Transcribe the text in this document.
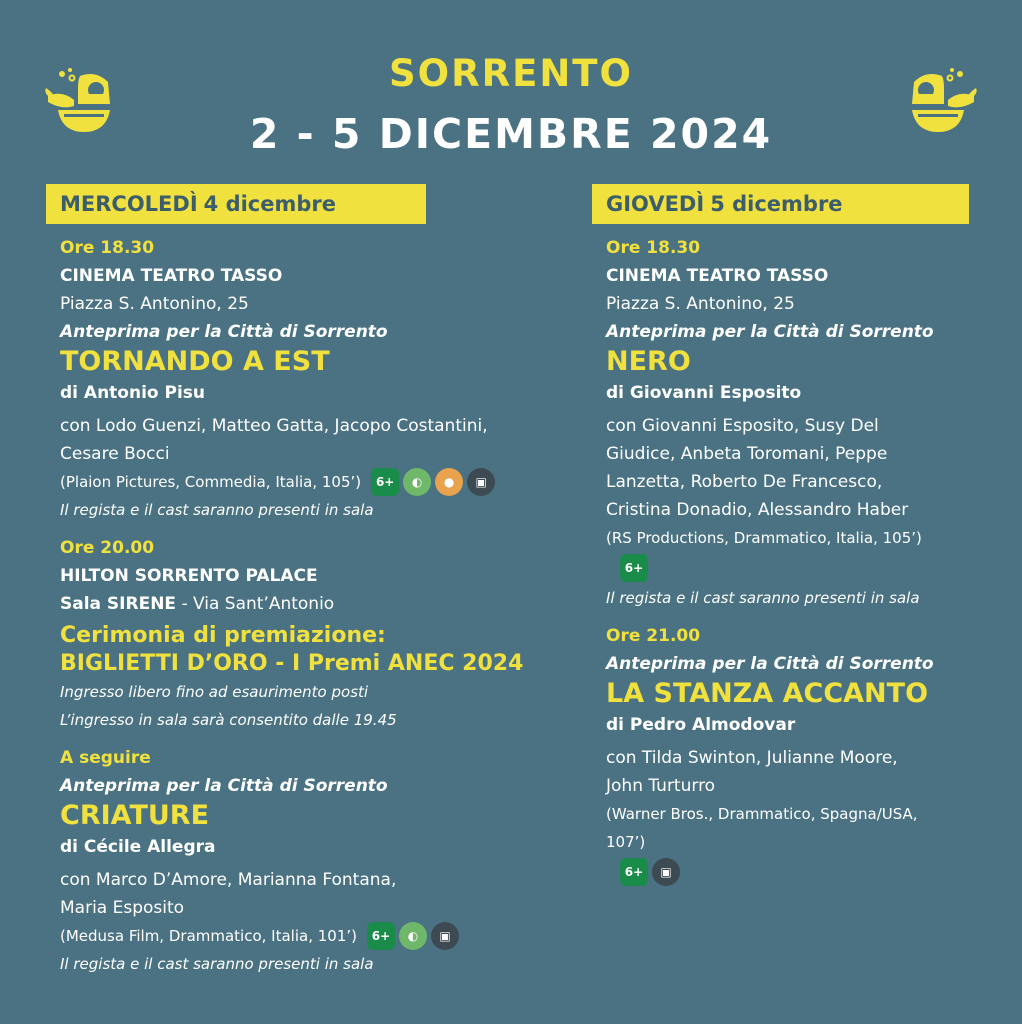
SORRENTO
2 - 5 DICEMBRE 2024
MERCOLEDÌ 4 dicembre
Ore 18.30
CINEMA TEATRO TASSO
Piazza S. Antonino, 25
Anteprima per la Città di Sorrento
TORNANDO A EST
di Antonio Pisu
con Lodo Guenzi, Matteo Gatta, Jacopo Costantini,
Cesare Bocci
(Plaion Pictures, Commedia, Italia, 105’)	6+	◐	●	▣
Il regista e il cast saranno presenti in sala
Ore 20.00
HILTON SORRENTO PALACE
Sala SIRENE - Via Sant’Antonio
Cerimonia di premiazione:
BIGLIETTI D’ORO - I Premi ANEC 2024
Ingresso libero fino ad esaurimento posti
L’ingresso in sala sarà consentito dalle 19.45
A seguire
Anteprima per la Città di Sorrento
CRIATURE
di Cécile Allegra
con Marco D’Amore, Marianna Fontana,
Maria Esposito
(Medusa Film, Drammatico, Italia, 101’)	6+	◐	▣
Il regista e il cast saranno presenti in sala
GIOVEDÌ 5 dicembre
Ore 18.30
CINEMA TEATRO TASSO
Piazza S. Antonino, 25
Anteprima per la Città di Sorrento
NERO
di Giovanni Esposito
con Giovanni Esposito, Susy Del
Giudice, Anbeta Toromani, Peppe
Lanzetta, Roberto De Francesco,
Cristina Donadio, Alessandro Haber
(RS Productions, Drammatico, Italia, 105’)
6+
Il regista e il cast saranno presenti in sala
Ore 21.00
Anteprima per la Città di Sorrento
LA STANZA ACCANTO
di Pedro Almodovar
con Tilda Swinton, Julianne Moore,
John Turturro
(Warner Bros., Drammatico, Spagna/USA,
107’)
6+	▣
